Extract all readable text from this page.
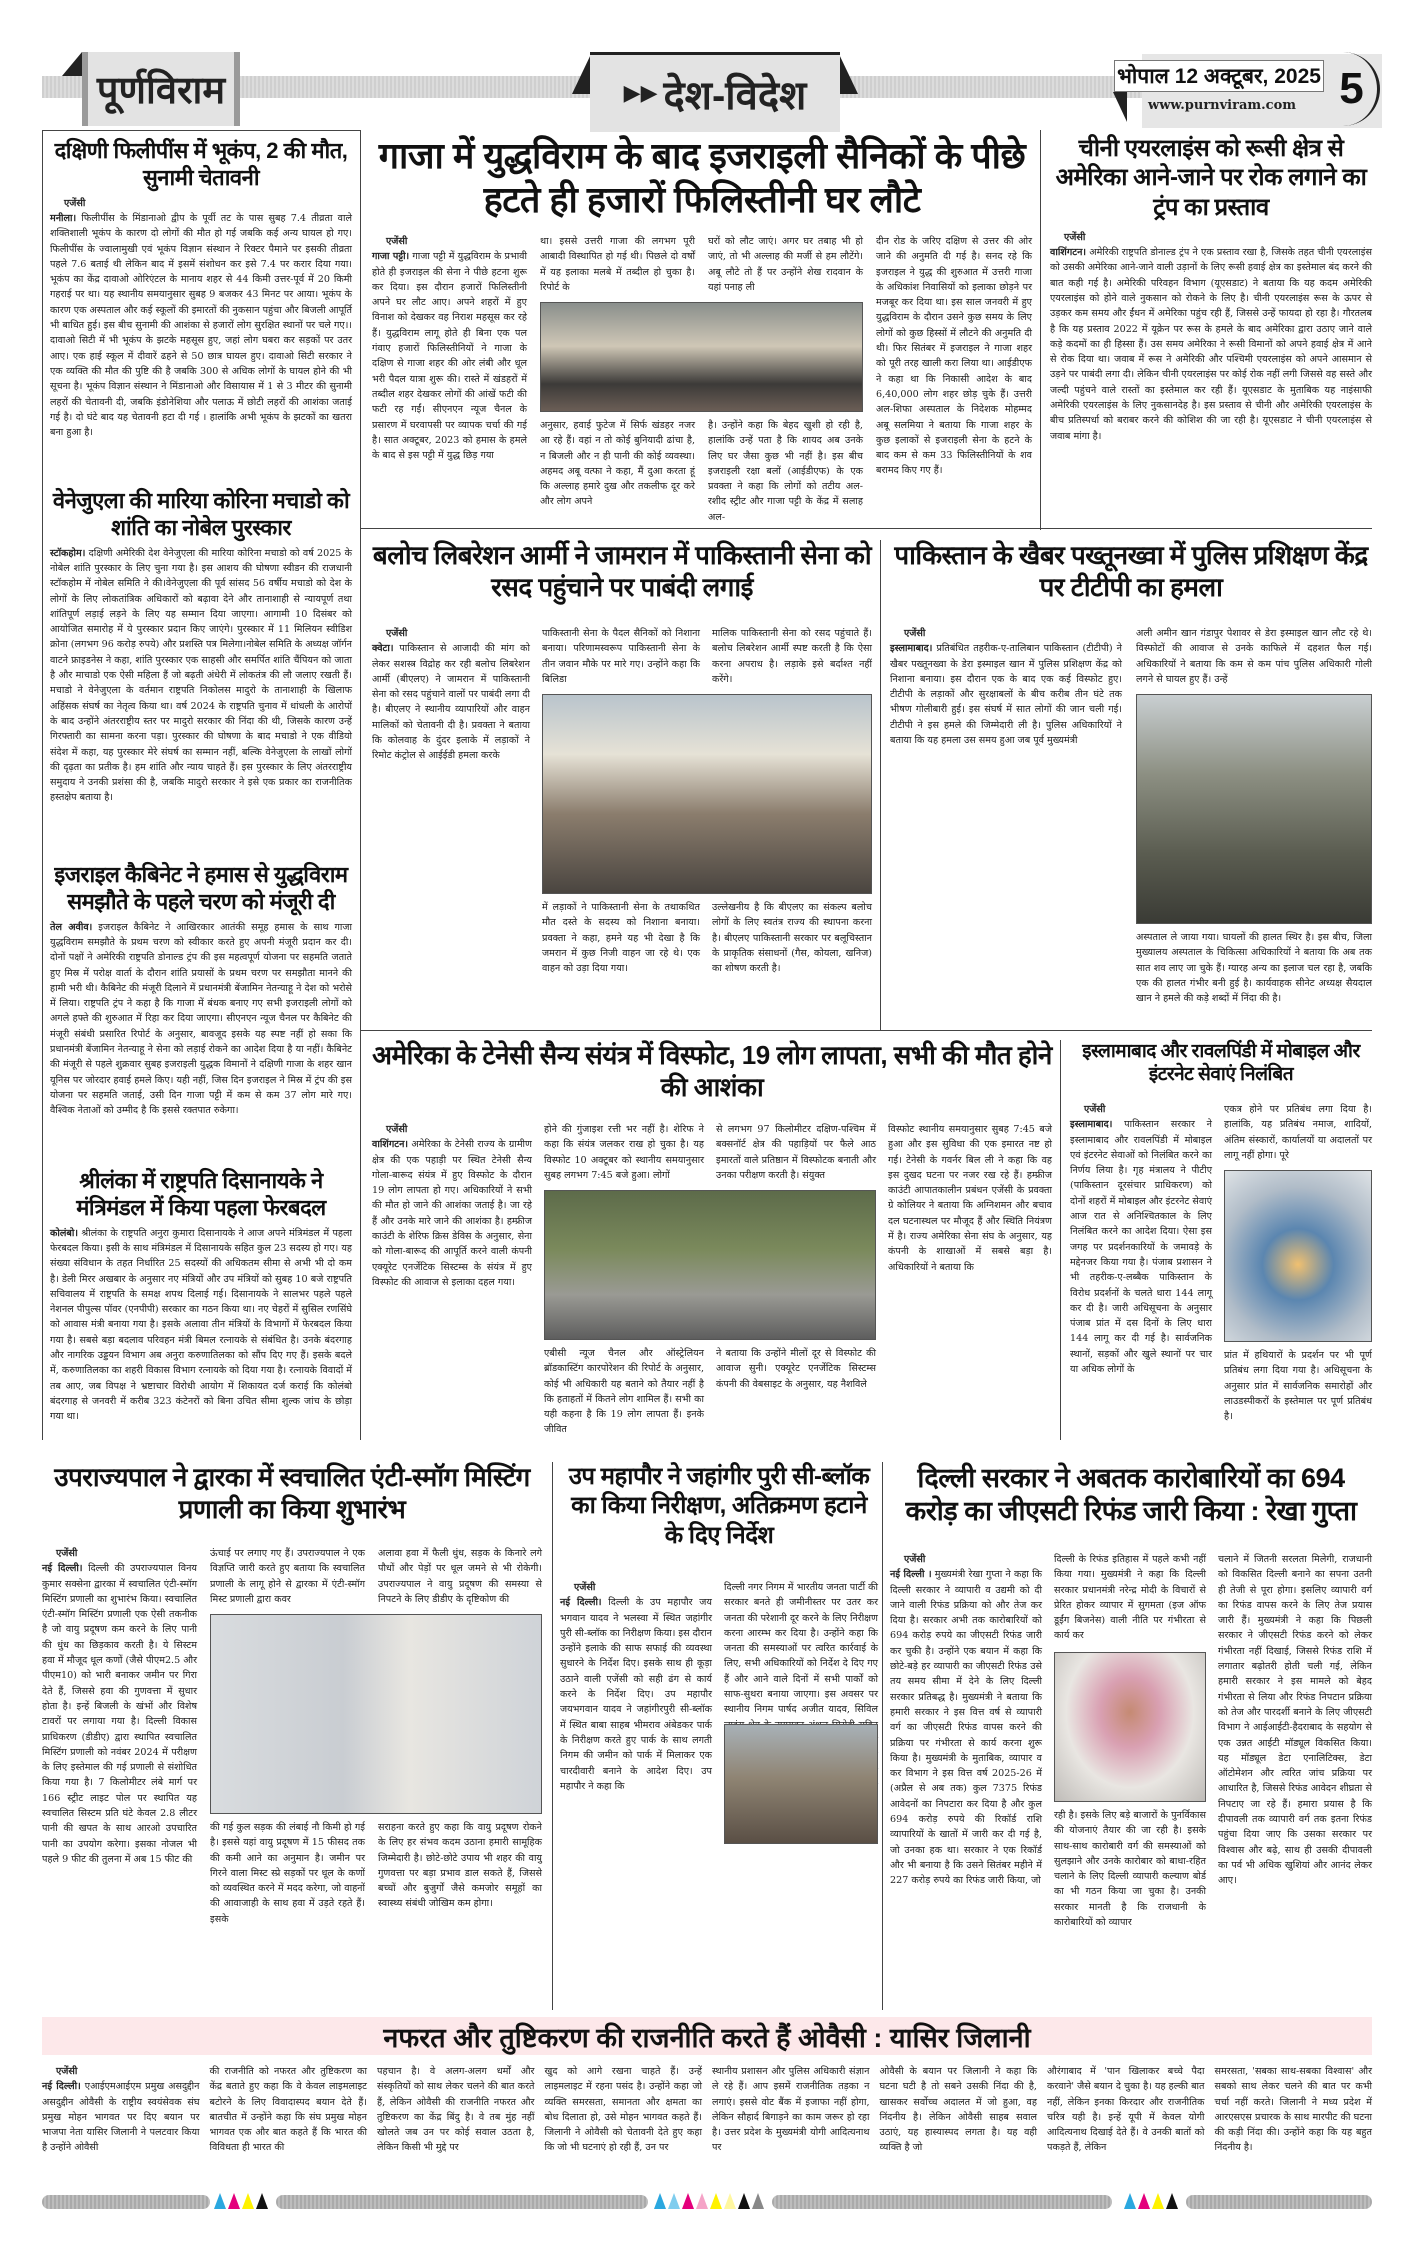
पूर्णविराम	▶▶ देश-विदेश	भोपाल 12 अक्टूबर, 2025
www.purnviram.com 5
दक्षिणी फिलीपींस में भूकंप, 2 की मौत, सुनामी चेतावनी
एजेंसी
मनीला। फिलीपींस के मिंडानाओ द्वीप के पूर्वी तट के पास सुबह 7.4 तीव्रता वाले शक्तिशाली भूकंप के कारण दो लोगों की मौत हो गई जबकि कई अन्य घायल हो गए। फिलीपींस के ज्वालामुखी एवं भूकंप विज्ञान संस्थान ने रिक्टर पैमाने पर इसकी तीव्रता पहले 7.6 बताई थी लेकिन बाद में इसमें संशोधन कर इसे 7.4 पर करार दिया गया। भूकंप का केंद्र दावाओ ओरिएंटल के मानाय शहर से 44 किमी उत्तर-पूर्व में 20 किमी गहराई पर था। यह स्थानीय समयानुसार सुबह 9 बजकर 43 मिनट पर आया। भूकंप के कारण एक अस्पताल और कई स्कूलों की इमारतों की नुकसान पहुंचा और बिजली आपूर्ति भी बाधित हुई। इस बीच सुनामी की आशंका से हजारों लोग सुरक्षित स्थानों पर चले गए।। दावाओ सिटी में भी भूकंप के झटके महसूस हुए, जहां लोग घबरा कर सड़कों पर उतर आए। एक हाई स्कूल में दीवारें ढहने से 50 छात्र घायल हुए। दावाओ सिटी सरकार ने एक व्यक्ति की मौत की पुष्टि की है जबकि 300 से अधिक लोगों के घायल होने की भी सूचना है। भूकंप विज्ञान संस्थान ने मिंडानाओ और विसायास में 1 से 3 मीटर की सुनामी लहरों की चेतावनी दी, जबकि इंडोनेशिया और पलाऊ में छोटी लहरों की आशंका जताई गई है। दो घंटे बाद यह चेतावनी हटा दी गई । हालांकि अभी भूकंप के झटकों का खतरा बना हुआ है।
वेनेजुएला की मारिया कोरिना मचाडो को शांति का नोबेल पुरस्कार
स्टॉकहोम। दक्षिणी अमेरिकी देश वेनेजुएला की मारिया कोरिना मचाडो को वर्ष 2025 के नोबेल शांति पुरस्कार के लिए चुना गया है। इस आशय की घोषणा स्वीडन की राजधानी स्टॉकहोम में नोबेल समिति ने की।वेनेजुएला की पूर्व सांसद 56 वर्षीय मचाडो को देश के लोगों के लिए लोकतांत्रिक अधिकारों को बढ़ावा देने और तानाशाही से न्यायपूर्ण तथा शांतिपूर्ण लड़ाई लड़ने के लिए यह सम्मान दिया जाएगा। आगामी 10 दिसंबर को आयोजित समारोह में ये पुरस्कार प्रदान किए जाएंगे। पुरस्कार में 11 मिलियन स्वीडिश क्रोना (लगभग 96 करोड़ रुपये) और प्रशस्ति पत्र मिलेगा।नोबेल समिति के अध्यक्ष जॉर्गन वाटने फ्राइडनेस ने कहा, शांति पुरस्कार एक साहसी और समर्पित शांति चैंपियन को जाता है और माचाडो एक ऐसी महिला हैं जो बढ़ती अंधेरी में लोकतंत्र की लौ जलाए रखती हैं। मचाडो ने वेनेजुएला के वर्तमान राष्ट्रपति निकोलस मादुरो के तानाशाही के खिलाफ अहिंसक संघर्ष का नेतृत्व किया था। वर्ष 2024 के राष्ट्रपति चुनाव में धांधली के आरोपों के बाद उन्होंने अंतरराष्ट्रीय स्तर पर मादुरो सरकार की निंदा की थी, जिसके कारण उन्हें गिरफ्तारी का सामना करना पड़ा। पुरस्कार की घोषणा के बाद मचाडो ने एक वीडियो संदेश में कहा, यह पुरस्कार मेरे संघर्ष का सम्मान नहीं, बल्कि वेनेजुएला के लाखों लोगों की दृढ़ता का प्रतीक है। हम शांति और न्याय चाहते हैं। इस पुरस्कार के लिए अंतरराष्ट्रीय समुदाय ने उनकी प्रशंसा की है, जबकि मादुरो सरकार ने इसे एक प्रकार का राजनीतिक हस्तक्षेप बताया है।
इजराइल कैबिनेट ने हमास से युद्धविराम समझौते के पहले चरण को मंजूरी दी
तेल अवीव। इजराइल कैबिनेट ने आखिरकार आतंकी समूह हमास के साथ गाजा युद्धविराम समझौते के प्रथम चरण को स्वीकार करते हुए अपनी मंजूरी प्रदान कर दी। दोनों पक्षों ने अमेरिकी राष्ट्रपति डोनाल्ड ट्रंप की इस महत्वपूर्ण योजना पर सहमति जताते हुए मिस्र में परोक्ष वार्ता के दौरान शांति प्रयासों के प्रथम चरण पर समझौता मानने की हामी भरी थी। कैबिनेट की मंजूरी दिलाने में प्रधानमंत्री बेंजामिन नेतन्याहू ने देश को भरोसे में लिया। राष्ट्रपति ट्रंप ने कहा है कि गाजा में बंधक बनाए गए सभी इजराइली लोगों को अगले हफ्ते की शुरुआत में रिहा कर दिया जाएगा। सीएनएन न्यूज चैनल पर कैबिनेट की मंजूरी संबंधी प्रसारित रिपोर्ट के अनुसार, बावजूद इसके यह स्पष्ट नहीं हो सका कि प्रधानमंत्री बेंजामिन नेतन्याहू ने सेना को लड़ाई रोकने का आदेश दिया है या नहीं। कैबिनेट की मंजूरी से पहले शुक्रवार सुबह इजराइली युद्धक विमानों ने दक्षिणी गाजा के शहर खान यूनिस पर जोरदार हवाई हमले किए। यही नहीं, जिस दिन इजराइल ने मिस्र में ट्रंप की इस योजना पर सहमति जताई, उसी दिन गाजा पट्टी में कम से कम 37 लोग मारे गए। वैश्विक नेताओं को उम्मीद है कि इससे रक्तपात रुकेगा।
श्रीलंका में राष्ट्रपति दिसानायके ने मंत्रिमंडल में किया पहला फेरबदल
कोलंबो। श्रीलंका के राष्ट्रपति अनुरा कुमारा दिसानायके ने आज अपने मंत्रिमंडल में पहला फेरबदल किया। इसी के साथ मंत्रिमंडल में दिसानायके सहित कुल 23 सदस्य हो गए। यह संख्या संविधान के तहत निर्धारित 25 सदस्यों की अधिकतम सीमा से अभी भी दो कम है। डेली मिरर अखबार के अनुसार नए मंत्रियों और उप मंत्रियों को सुबह 10 बजे राष्ट्रपति सचिवालय में राष्ट्रपति के समक्ष शपथ दिलाई गई। दिसानायके ने सालभर पहले पहले नेशनल पीपुल्स पॉवर (एनपीपी) सरकार का गठन किया था। नए चेहरों में सुसिल रणसिंघे को आवास मंत्री बनाया गया है। इसके अलावा तीन मंत्रियों के विभागों में फेरबदल किया गया है। सबसे बड़ा बदलाव परिवहन मंत्री बिमल रत्नायके से संबंधित है। उनके बंदरगाह और नागरिक उड्डयन विभाग अब अनुरा करुणातिलका को सौंप दिए गए हैं। इसके बदले में, करुणातिलका का शहरी विकास विभाग रत्नायके को दिया गया है। रत्नायके विवादों में तब आए, जब विपक्ष ने भ्रष्टाचार विरोधी आयोग में शिकायत दर्ज कराई कि कोलंबो बंदरगाह से जनवरी में करीब 323 कंटेनरों को बिना उचित सीमा शुल्क जांच के छोड़ा गया था।
गाजा में युद्धविराम के बाद इजराइली सैनिकों के पीछे हटते ही हजारों फिलिस्तीनी घर लौटे
एजेंसी
गाजा पट्टी। गाजा पट्टी में युद्धविराम के प्रभावी होते ही इजराइल की सेना ने पीछे हटना शुरू कर दिया। इस दौरान हजारों फिलिस्तीनी अपने घर लौट आए। अपने शहरों में हुए विनाश को देखकर वह निराश महसूस कर रहे हैं। युद्धविराम लागू होते ही बिना एक पल गंवाए हजारों फिलिस्तीनियों ने गाजा के दक्षिण से गाजा शहर की ओर लंबी और धूल भरी पैदल यात्रा शुरू की। रास्ते में खंडहरों में तब्दील शहर देखकर लोगों की आंखें फटी की फटी रह गईं। सीएनएन न्यूज चैनल के प्रसारण में घरवापसी पर व्यापक चर्चा की गई है। सात अक्टूबर, 2023 को हमास के हमले के बाद से इस पट्टी में युद्ध छिड़ गया
था। इससे उत्तरी गाजा की लगभग पूरी आबादी विस्थापित हो गई थी। पिछले दो वर्षों में यह इलाका मलबे में तब्दील हो चुका है। रिपोर्ट के
घरों को लौट जाएं। अगर घर तबाह भी हो जाएं, तो भी अल्लाह की मर्जी से हम लौटेंगे। अबू लौटे तो हैं पर उन्होंने शेख रादवान के यहां पनाह ली
अनुसार, हवाई फुटेज में सिर्फ खंडहर नजर आ रहे हैं। वहां न तो कोई बुनियादी ढांचा है, न बिजली और न ही पानी की कोई व्यवस्था। अहमद अबू वत्फा ने कहा, मैं दुआ करता हूं कि अल्लाह हमारे दुख और तकलीफ दूर करे और लोग अपने
है। उन्होंने कहा कि बेहद खुशी हो रही है, हालांकि उन्हें पता है कि शायद अब उनके लिए घर जैसा कुछ भी नहीं है। इस बीच इजराइली रक्षा बलों (आईडीएफ) के एक प्रवक्ता ने कहा कि लोगों को तटीय अल-रशीद स्ट्रीट और गाजा पट्टी के केंद्र में सलाह अल-
दीन रोड के जरिए दक्षिण से उत्तर की ओर जाने की अनुमति दी गई है। सनद रहे कि इजराइल ने युद्ध की शुरुआत में उत्तरी गाजा के अधिकांश निवासियों को इलाका छोड़ने पर मजबूर कर दिया था। इस साल जनवरी में हुए युद्धविराम के दौरान उसने कुछ समय के लिए लोगों को कुछ हिस्सों में लौटने की अनुमति दी थी। फिर सितंबर में इजराइल ने गाजा शहर को पूरी तरह खाली करा लिया था। आईडीएफ ने कहा था कि निकासी आदेश के बाद 6,40,000 लोग शहर छोड़ चुके हैं। उत्तरी अल-शिफा अस्पताल के निदेशक मोहम्मद अबू सलमिया ने बताया कि गाजा शहर के कुछ इलाकों से इजराइली सेना के हटने के बाद कम से कम 33 फिलिस्तीनियों के शव बरामद किए गए हैं।
चीनी एयरलाइंस को रूसी क्षेत्र से अमेरिका आने-जाने पर रोक लगाने का ट्रंप का प्रस्ताव
एजेंसी
वाशिंगटन। अमेरिकी राष्ट्रपति डोनाल्ड ट्रंप ने एक प्रस्ताव रखा है, जिसके तहत चीनी एयरलाइंस को उसकी अमेरिका आने-जाने वाली उड़ानों के लिए रूसी हवाई क्षेत्र का इस्तेमाल बंद करने की बात कही गई है। अमेरिकी परिवहन विभाग (यूएसडाट) ने बताया कि यह कदम अमेरिकी एयरलाइंस को होने वाले नुकसान को रोकने के लिए है। चीनी एयरलाइंस रूस के ऊपर से उड़कर कम समय और ईंधन में अमेरिका पहुंच रही हैं, जिससे उन्हें फायदा हो रहा है। गौरतलब है कि यह प्रस्ताव 2022 में यूक्रेन पर रूस के हमले के बाद अमेरिका द्वारा उठाए जाने वाले कड़े कदमों का ही हिस्सा हैं। उस समय अमेरिका ने रूसी विमानों को अपने हवाई क्षेत्र में आने से रोक दिया था। जवाब में रूस ने अमेरिकी और पश्चिमी एयरलाइंस को अपने आसमान से उड़ने पर पाबंदी लगा दी। लेकिन चीनी एयरलाइंस पर कोई रोक नहीं लगी जिससे वह सस्ते और जल्दी पहुंचने वाले रास्तों का इस्तेमाल कर रही हैं। यूएसडाट के मुताबिक यह नाइंसाफी अमेरिकी एयरलाइंस के लिए नुकसानदेह है। इस प्रस्ताव से चीनी और अमेरिकी एयरलाइंस के बीच प्रतिस्पर्धा को बराबर करने की कोशिश की जा रही है। यूएसडाट ने चीनी एयरलाइंस से जवाब मांगा है।
बलोच लिबरेशन आर्मी ने जामरान में पाकिस्तानी सेना को रसद पहुंचाने पर पाबंदी लगाई
एजेंसी
क्वेटा। पाकिस्तान से आजादी की मांग को लेकर सशस्त्र विद्रोह कर रही बलोच लिबरेशन आर्मी (बीएलए) ने जामरान में पाकिस्तानी सेना को रसद पहुंचाने वालों पर पाबंदी लगा दी है। बीएलए ने स्थानीय व्यापारियों और वाहन मालिकों को चेतावनी दी है। प्रवक्ता ने बताया कि कोलवाह के दुंदर इलाके में लड़ाकों ने रिमोट कंट्रोल से आईईडी हमला करके
पाकिस्तानी सेना के पैदल सैनिकों को निशाना बनाया। परिणामस्वरूप पाकिस्तानी सेना के तीन जवान मौके पर मारे गए। उन्होंने कहा कि बिलिडा
मालिक पाकिस्तानी सेना को रसद पहुंचाते हैं। बलोच लिबरेशन आर्मी स्पष्ट करती है कि ऐसा करना अपराध है। लड़ाके इसे बर्दाश्त नहीं करेंगे।
में लड़ाकों ने पाकिस्तानी सेना के तथाकथित मौत दस्ते के सदस्य को निशाना बनाया। प्रवक्ता ने कहा, हमने यह भी देखा है कि जमरान में कुछ निजी वाहन जा रहे थे। एक वाहन को उड़ा दिया गया।
उल्लेखनीय है कि बीएलए का संकल्प बलोच लोगों के लिए स्वतंत्र राज्य की स्थापना करना है। बीएलए पाकिस्तानी सरकार पर बलूचिस्तान के प्राकृतिक संसाधनों (गैस, कोयला, खनिज) का शोषण करती है।
पाकिस्तान के खैबर पख्तूनख्वा में पुलिस प्रशिक्षण केंद्र पर टीटीपी का हमला
एजेंसी
इस्लामाबाद। प्रतिबंधित तहरीक-ए-तालिबान पाकिस्तान (टीटीपी) ने खैबर पख्तूनख्वा के डेरा इस्माइल खान में पुलिस प्रशिक्षण केंद्र को निशाना बनाया। इस दौरान एक के बाद एक कई विस्फोट हुए। टीटीपी के लड़ाकों और सुरक्षाबलों के बीच करीब तीन घंटे तक भीषण गोलीबारी हुई। इस संघर्ष में सात लोगों की जान चली गई। टीटीपी ने इस हमले की जिम्मेदारी ली है। पुलिस अधिकारियों ने बताया कि यह हमला उस समय हुआ जब पूर्व मुख्यमंत्री
अली अमीन खान गंडापुर पेशावर से डेरा इस्माइल खान लौट रहे थे। विस्फोटों की आवाज से उनके काफिले में दहशत फैल गई। अधिकारियों ने बताया कि कम से कम पांच पुलिस अधिकारी गोली लगने से घायल हुए हैं। उन्हें
अस्पताल ले जाया गया। घायलों की हालत स्थिर है। इस बीच, जिला मुख्यालय अस्पताल के चिकित्सा अधिकारियों ने बताया कि अब तक सात शव लाए जा चुके हैं। ग्यारह अन्य का इलाज चल रहा है, जबकि एक की हालत गंभीर बनी हुई है। कार्यवाहक सीनेट अध्यक्ष सैयदाल खान ने हमले की कड़े शब्दों में निंदा की है।
अमेरिका के टेनेसी सैन्य संयंत्र में विस्फोट, 19 लोग लापता, सभी की मौत होने की आशंका
एजेंसी
वाशिंगटन। अमेरिका के टेनेसी राज्य के ग्रामीण क्षेत्र की एक पहाड़ी पर स्थित टेनेसी सैन्य गोला-बारूद संयंत्र में हुए विस्फोट के दौरान 19 लोग लापता हो गए। अधिकारियों ने सभी की मौत हो जाने की आशंका जताई है। जा रहे हैं और उनके मारे जाने की आशंका है। हम्फ्रीज काउंटी के शेरिफ क्रिस डेविस के अनुसार, सेना को गोला-बारूद की आपूर्ति करने वाली कंपनी एक्यूरेट एनर्जेटिक सिस्टम्स के संयंत्र में हुए विस्फोट की आवाज से इलाका दहल गया।
होने की गुंजाइश रत्ती भर नहीं है। शेरिफ ने कहा कि संयंत्र जलकर राख हो चुका है। यह विस्फोट 10 अक्टूबर को स्थानीय समयानुसार सुबह लगभग 7:45 बजे हुआ। लोगों
से लगभग 97 किलोमीटर दक्षिण-पश्चिम में बक्सनॉर्ट क्षेत्र की पहाड़ियों पर फैले आठ इमारतों वाले प्रतिष्ठान में विस्फोटक बनाती और उनका परीक्षण करती है। संयुक्त
एबीसी न्यूज चैनल और ऑस्ट्रेलियन ब्रॉडकास्टिंग कारपोरेशन की रिपोर्ट के अनुसार, कोई भी अधिकारी यह बताने को तैयार नहीं है कि हताहतों में कितने लोग शामिल हैं। सभी का यही कहना है कि 19 लोग लापता हैं। इनके जीवित
ने बताया कि उन्होंने मीलों दूर से विस्फोट की आवाज सुनी। एक्यूरेट एनर्जेटिक सिस्टम्स कंपनी की वेबसाइट के अनुसार, यह नैशविले
विस्फोट स्थानीय समयानुसार सुबह 7:45 बजे हुआ और इस सुविधा की एक इमारत नष्ट हो गई। टेनेसी के गवर्नर बिल ली ने कहा कि वह इस दुखद घटना पर नजर रख रहे हैं। हम्फ्रीज काउंटी आपातकालीन प्रबंधन एजेंसी के प्रवक्ता ग्रे कोलियर ने बताया कि अग्निशमन और बचाव दल घटनास्थल पर मौजूद हैं और स्थिति नियंत्रण में है। राज्य अमेरिका सेना संघ के अनुसार, यह कंपनी के शाखाओं में सबसे बड़ा है। अधिकारियों ने बताया कि
इस्लामाबाद और रावलपिंडी में मोबाइल और इंटरनेट सेवाएं निलंबित
एजेंसी
इस्लामाबाद। पाकिस्तान सरकार ने इस्लामाबाद और रावलपिंडी में मोबाइल एवं इंटरनेट सेवाओं को निलंबित करने का निर्णय लिया है। गृह मंत्रालय ने पीटीए (पाकिस्तान दूरसंचार प्राधिकरण) को दोनों शहरों में मोबाइल और इंटरनेट सेवाएं आज रात से अनिश्चितकाल के लिए निलंबित करने का आदेश दिया। ऐसा इस जगह पर प्रदर्शनकारियों के जमावड़े के मद्देनजर किया गया है। पंजाब प्रशासन ने भी तहरीक-ए-लब्बैक पाकिस्तान के विरोध प्रदर्शनों के चलते धारा 144 लागू कर दी है। जारी अधिसूचना के अनुसार पंजाब प्रांत में दस दिनों के लिए धारा 144 लागू कर दी गई है। सार्वजनिक स्थानों, सड़कों और खुले स्थानों पर चार या अधिक लोगों के
एकत्र होने पर प्रतिबंध लगा दिया है। हालांकि, यह प्रतिबंध नमाज, शादियों, अंतिम संस्कारों, कार्यालयों या अदालतों पर लागू नहीं होगा। पूरे
प्रांत में हथियारों के प्रदर्शन पर भी पूर्ण प्रतिबंध लगा दिया गया है। अधिसूचना के अनुसार प्रांत में सार्वजनिक समारोहों और लाउडस्पीकरों के इस्तेमाल पर पूर्ण प्रतिबंध है।
उपराज्यपाल ने द्वारका में स्वचालित एंटी-स्मॉग मिस्टिंग प्रणाली का किया शुभारंभ
एजेंसी
नई दिल्ली। दिल्ली की उपराज्यपाल विनय कुमार सक्सेना द्वारका में स्वचालित एंटी-स्मॉग मिस्टिंग प्रणाली का शुभारंभ किया। स्वचालित एंटी-स्मॉग मिस्टिंग प्रणाली एक ऐसी तकनीक है जो वायु प्रदूषण कम करने के लिए पानी की धुंध का छिड़काव करती है। ये सिस्टम हवा में मौजूद धूल कणों (जैसे पीएम2.5 और पीएम10) को भारी बनाकर जमीन पर गिरा देते हैं, जिससे हवा की गुणवत्ता में सुधार होता है। इन्हें बिजली के खंभों और विशेष टावरों पर लगाया गया है। दिल्ली विकास प्राधिकरण (डीडीए) द्वारा स्थापित स्वचालित मिस्टिंग प्रणाली को नवंबर 2024 में परीक्षण के लिए इस्तेमाल की गई प्रणाली से संशोधित किया गया है। 7 किलोमीटर लंबे मार्ग पर 166 स्ट्रीट लाइट पोल पर स्थापित यह स्वचालित सिस्टम प्रति घंटे केवल 2.8 लीटर पानी की खपत के साथ आरओ उपचारित पानी का उपयोग करेगा। इसका नोजल भी पहले 9 फीट की तुलना में अब 15 फीट की
ऊंचाई पर लगाए गए हैं। उपराज्यपाल ने एक विज्ञप्ति जारी करते हुए बताया कि स्वचालित प्रणाली के लागू होने से द्वारका में एंटी-स्मॉग मिस्ट प्रणाली द्वारा कवर
अलावा हवा में फैली धुंध, सड़क के किनारे लगे पौधों और पेड़ों पर धूल जमने से भी रोकेगी। उपराज्यपाल ने वायु प्रदूषण की समस्या से निपटने के लिए डीडीए के दृष्टिकोण की
की गई कुल सड़क की लंबाई नौ किमी हो गई है। इससे यहां वायु प्रदूषण में 15 फीसद तक की कमी आने का अनुमान है। जमीन पर गिरने वाला मिस्ट स्प्रे सड़कों पर धूल के कणों को व्यवस्थित करने में मदद करेगा, जो वाहनों की आवाजाही के साथ हवा में उड़ते रहते हैं। इसके
सराहना करते हुए कहा कि वायु प्रदूषण रोकने के लिए हर संभव कदम उठाना हमारी सामूहिक जिम्मेदारी है। छोटे-छोटे उपाय भी शहर की वायु गुणवत्ता पर बड़ा प्रभाव डाल सकते हैं, जिससे बच्चों और बुजुर्गों जैसे कमजोर समूहों का स्वास्थ्य संबंधी जोखिम कम होगा।
उप महापौर ने जहांगीर पुरी सी-ब्लॉक का किया निरीक्षण, अतिक्रमण हटाने के दिए निर्देश
एजेंसी
नई दिल्ली। दिल्ली के उप महापौर जय भगवान यादव ने भलस्वा में स्थित जहांगीर पुरी सी-ब्लॉक का निरीक्षण किया। इस दौरान उन्होंने इलाके की साफ सफाई की व्यवस्था सुधारने के निर्देश दिए। इसके साथ ही कूड़ा उठाने वाली एजेंसी को सही ढंग से कार्य करने के निर्देश दिए। उप महापौर जयभगवान यादव ने जहांगीरपुरी सी-ब्लॉक में स्थित बाबा साहब भीमराव अंबेडकर पार्क के निरीक्षण करते हुए पार्क के साथ लगती निगम की जमीन को पार्क में मिलाकर एक चारदीवारी बनाने के आदेश दिए। उप महापौर ने कहा कि
दिल्ली नगर निगम में भारतीय जनता पार्टी की सरकार बनते ही जमीनीस्तर पर उतर कर जनता की परेशानी दूर करने के लिए निरीक्षण करना आरम्भ कर दिया है। उन्होंने कहा कि जनता की समस्याओं पर त्वरित कार्रवाई के लिए, सभी अधिकारियों को निर्देश दे दिए गए हैं और आने वाले दिनों में सभी पार्कों को साफ-सुथरा बनाया जाएगा। इस अवसर पर स्थानीय निगम पार्षद अजीत यादव, सिविल
दिल्ली सरकार ने अबतक कारोबारियों का 694 करोड़ का जीएसटी रिफंड जारी किया : रेखा गुप्ता
एजेंसी
नई दिल्ली । मुख्यमंत्री रेखा गुप्ता ने कहा कि दिल्ली सरकार ने व्यापारी व उद्यमी को दी जाने वाली रिफंड प्रक्रिया को और तेज कर दिया है। सरकार अभी तक कारोबारियों को 694 करोड़ रुपये का जीएसटी रिफंड जारी कर चुकी है। उन्होंने एक बयान में कहा कि छोटे-बड़े हर व्यापारी का जीएसटी रिफंड उसे तय समय सीमा में देने के लिए दिल्ली सरकार प्रतिबद्ध है। मुख्यमंत्री ने बताया कि हमारी सरकार ने इस वित्त वर्ष से व्यापारी वर्ग का जीएसटी रिफंड वापस करने की प्रक्रिया पर गंभीरता से कार्य करना शुरू किया है। मुख्यमंत्री के मुताबिक, व्यापार व कर विभाग ने इस वित्त वर्ष 2025-26 में (अप्रैल से अब तक) कुल 7375 रिफंड आवेदनों का निपटारा कर दिया है और कुल 694 करोड़ रुपये की रिकॉर्ड राशि व्यापारियों के खातों में जारी कर दी गई है, जो उनका हक था। सरकार ने एक रिकॉर्ड और भी बनाया है कि उसने सितंबर महीने में 227 करोड़ रुपये का रिफंड जारी किया, जो
दिल्ली के रिफंड इतिहास में पहले कभी नहीं किया गया। मुख्यमंत्री ने कहा कि दिल्ली सरकार प्रधानमंत्री नरेन्द्र मोदी के विचारों से प्रेरित होकर व्यापार में सुगमता (इज ऑफ डूईंग बिजनेस) वाली नीति पर गंभीरता से कार्य कर
रही है। इसके लिए बड़े बाजारों के पुनर्विकास की योजनाएं तैयार की जा रही है। इसके साथ-साथ कारोबारी वर्ग की समस्याओं को सुलझाने और उनके कारोबार को बाधा-रहित चलाने के लिए दिल्ली व्यापारी कल्याण बोर्ड का भी गठन किया जा चुका है। उनकी सरकार मानती है कि राजधानी के कारोबारियों को व्यापार
चलाने में जितनी सरलता मिलेगी, राजधानी को विकसित दिल्ली बनाने का सपना उतनी ही तेजी से पूरा होगा। इसलिए व्यापारी वर्ग का रिफंड वापस करने के लिए तेज प्रयास जारी हैं। मुख्यमंत्री ने कहा कि पिछली सरकार ने जीएसटी रिफंड करने को लेकर गंभीरता नहीं दिखाई, जिससे रिफंड राशि में लगातार बढ़ोतरी होती चली गई, लेकिन हमारी सरकार ने इस मामले को बेहद गंभीरता से लिया और रिफंड निपटान प्रक्रिया को तेज और पारदर्शी बनाने के लिए जीएसटी विभाग ने आईआईटी-हैदराबाद के सहयोग से एक उन्नत आईटी मॉड्यूल विकसित किया। यह मॉड्यूल डेटा एनालिटिक्स, डेटा ऑटोमेशन और त्वरित जांच प्रक्रिया पर आधारित है, जिससे रिफंड आवेदन शीघ्रता से निपटाए जा रहे हैं। हमारा प्रयास है कि दीपावली तक व्यापारी वर्ग तक इतना रिफंड पहुंचा दिया जाए कि उसका सरकार पर विश्वास और बढ़े, साथ ही उसकी दीपावली का पर्व भी अधिक खुशियां और आनंद लेकर आए।
नफरत और तुष्टिकरण की राजनीति करते हैं ओवैसी : यासिर जिलानी
एजेंसी
नई दिल्ली। एआईएमआईएम प्रमुख असदुद्दीन असदुद्दीन ओवैसी के राष्ट्रीय स्वयंसेवक संघ प्रमुख मोहन भागवत पर दिए बयान पर भाजपा नेता यासिर जिलानी ने पलटवार किया है उन्होंने ओवैसी
की राजनीति को नफरत और तुष्टिकरण का केंद्र बताते हुए कहा कि वे केवल लाइमलाइट बटोरने के लिए विवादास्पद बयान देते हैं। बातचीत में उन्होंने कहा कि संघ प्रमुख मोहन भागवत एक और बात कहते हैं कि भारत की विविधता ही भारत की
पहचान है। वे अलग-अलग धर्मों और संस्कृतियों को साथ लेकर चलने की बात करते हैं, लेकिन ओवैसी की राजनीति नफरत और तुष्टिकरण का केंद्र बिंदु है। वे तब मुंह नहीं खोलते जब उन पर कोई सवाल उठता है, लेकिन किसी भी मुद्दे पर
खुद को आगे रखना चाहते हैं। उन्हें लाइमलाइट में रहना पसंद है। उन्होंने कहा जो व्यक्ति समरसता, समानता और क्षमता का बोध दिलाता हो, उसे मोहन भागवत कहते हैं। जिलानी ने ओवैसी को चेतावनी देते हुए कहा कि जो भी घटनाएं हो रही हैं, उन पर
स्थानीय प्रशासन और पुलिस अधिकारी संज्ञान ले रहे हैं। आप इसमें राजनीतिक तड़का न लगाएं। इससे वोट बैंक में इजाफा नहीं होगा, लेकिन सौहार्द बिगाड़ने का काम जरूर हो रहा है। उत्तर प्रदेश के मुख्यमंत्री योगी आदित्यनाथ पर
ओवैसी के बयान पर जिलानी ने कहा कि घटना घटी है तो सबने उसकी निंदा की है, खासकर सर्वोच्च अदालत में जो हुआ, वह निंदनीय है। लेकिन ओवैसी साहब सवाल उठाएं, यह हास्यास्पद लगता है। यह वही व्यक्ति है जो
औरंगाबाद में 'पान खिलाकर बच्चे पैदा करवाने' जैसे बयान दे चुका है। यह हल्की बात नहीं, लेकिन इनका किरदार और राजनीतिक चरित्र यही है। इन्हें यूपी में केवल योगी आदित्यनाथ दिखाई देते हैं। वे उनकी बातों को पकड़ते हैं, लेकिन
समरसता, 'सबका साथ-सबका विश्वास' और सबको साथ लेकर चलने की बात पर कभी चर्चा नहीं करते। जिलानी ने मध्य प्रदेश में आरएसएस प्रचारक के साथ मारपीट की घटना की कड़ी निंदा की। उन्होंने कहा कि यह बहुत निंदनीय है।
